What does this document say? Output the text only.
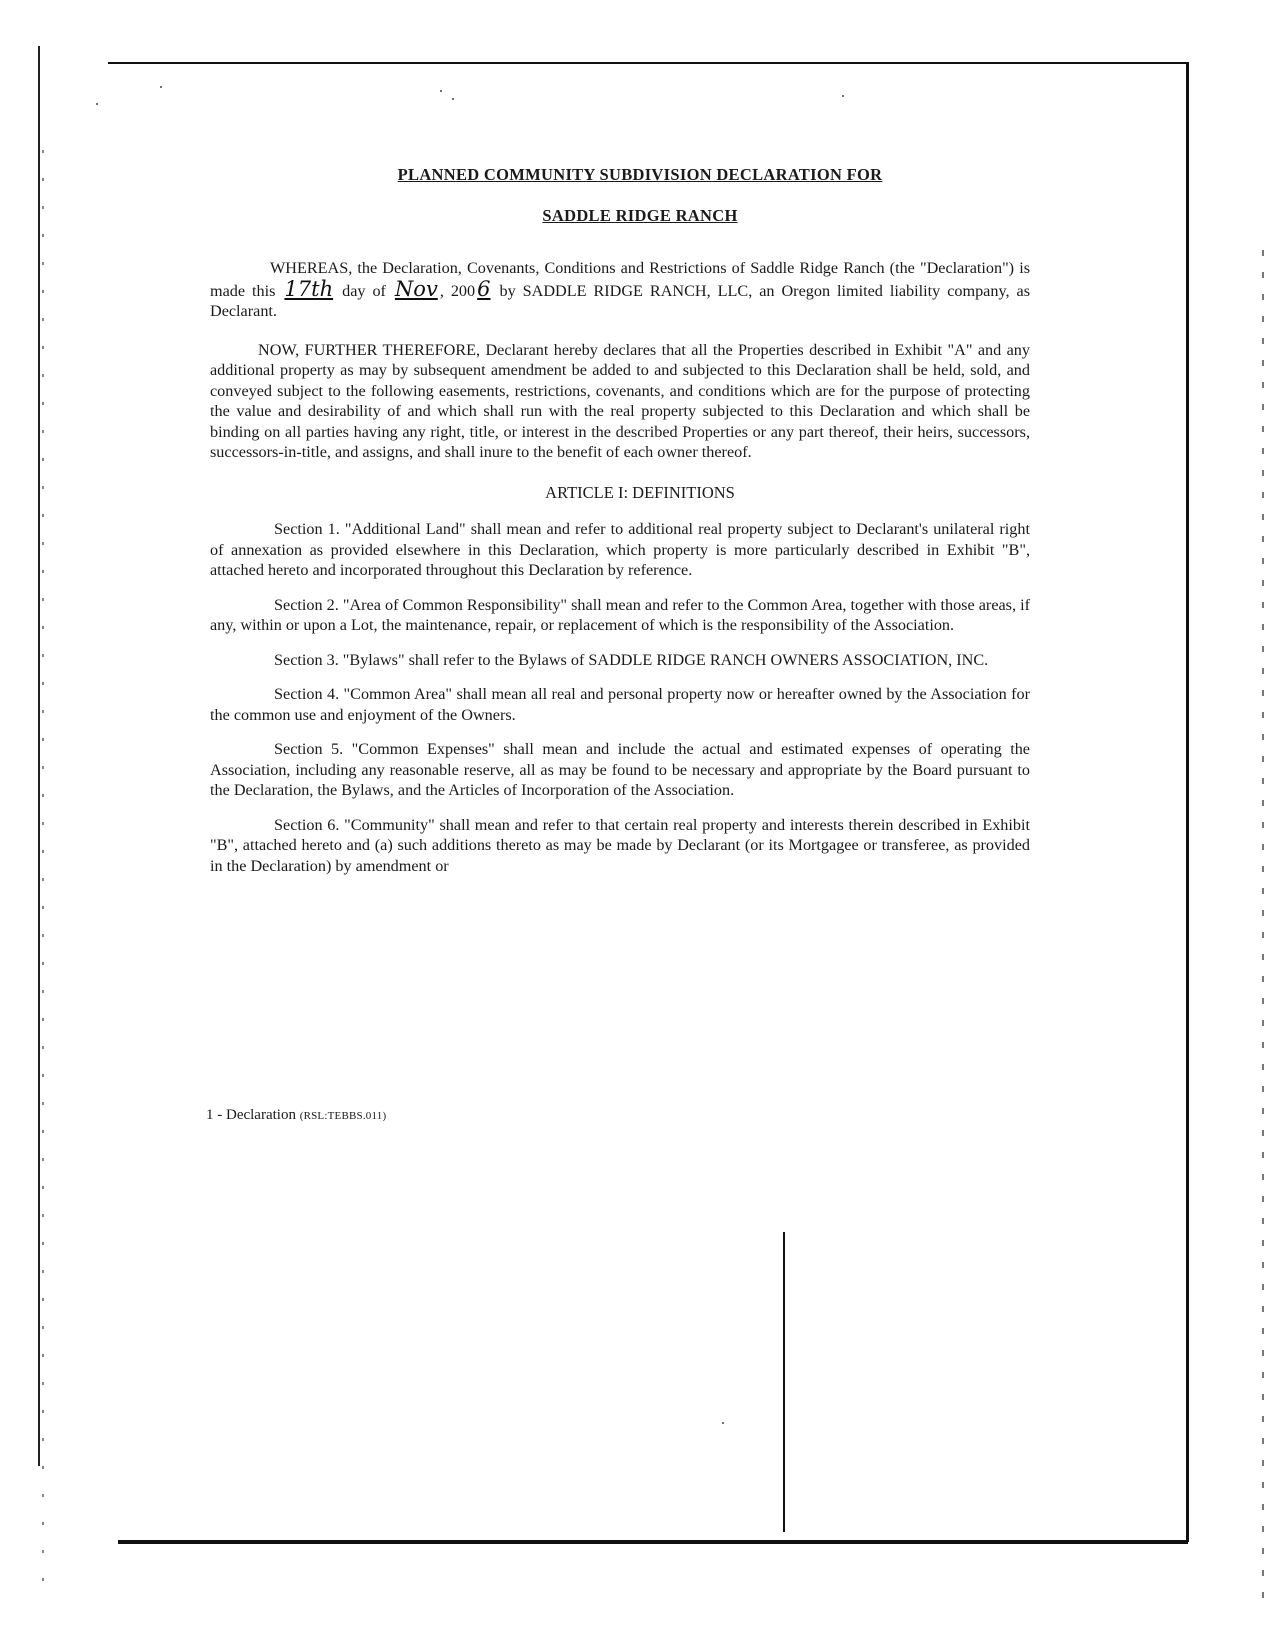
PLANNED COMMUNITY SUBDIVISION DECLARATION FOR
SADDLE RIDGE RANCH

WHEREAS, the Declaration, Covenants, Conditions and Restrictions of Saddle Ridge Ranch (the "Declaration") is made this 17th day of Nov , 2006 by SADDLE RIDGE RANCH, LLC, an Oregon limited liability company, as Declarant.

NOW, FURTHER THEREFORE, Declarant hereby declares that all the Properties described in Exhibit "A" and any additional property as may by subsequent amendment be added to and subjected to this Declaration shall be held, sold, and conveyed subject to the following easements, restrictions, covenants, and conditions which are for the purpose of protecting the value and desirability of and which shall run with the real property subjected to this Declaration and which shall be binding on all parties having any right, title, or interest in the described Properties or any part thereof, their heirs, successors, successors-in-title, and assigns, and shall inure to the benefit of each owner thereof.

ARTICLE I: DEFINITIONS

Section 1. "Additional Land" shall mean and refer to additional real property subject to Declarant's unilateral right of annexation as provided elsewhere in this Declaration, which property is more particularly described in Exhibit "B", attached hereto and incorporated throughout this Declaration by reference.

Section 2. "Area of Common Responsibility" shall mean and refer to the Common Area, together with those areas, if any, within or upon a Lot, the maintenance, repair, or replacement of which is the responsibility of the Association.

Section 3. "Bylaws" shall refer to the Bylaws of SADDLE RIDGE RANCH OWNERS ASSOCIATION, INC.

Section 4. "Common Area" shall mean all real and personal property now or hereafter owned by the Association for the common use and enjoyment of the Owners.

Section 5. "Common Expenses" shall mean and include the actual and estimated expenses of operating the Association, including any reasonable reserve, all as may be found to be necessary and appropriate by the Board pursuant to the Declaration, the Bylaws, and the Articles of Incorporation of the Association.

Section 6. "Community" shall mean and refer to that certain real property and interests therein described in Exhibit "B", attached hereto and (a) such additions thereto as may be made by Declarant (or its Mortgagee or transferee, as provided in the Declaration) by amendment or

1 - Declaration (RSL:TEBBS.011)
